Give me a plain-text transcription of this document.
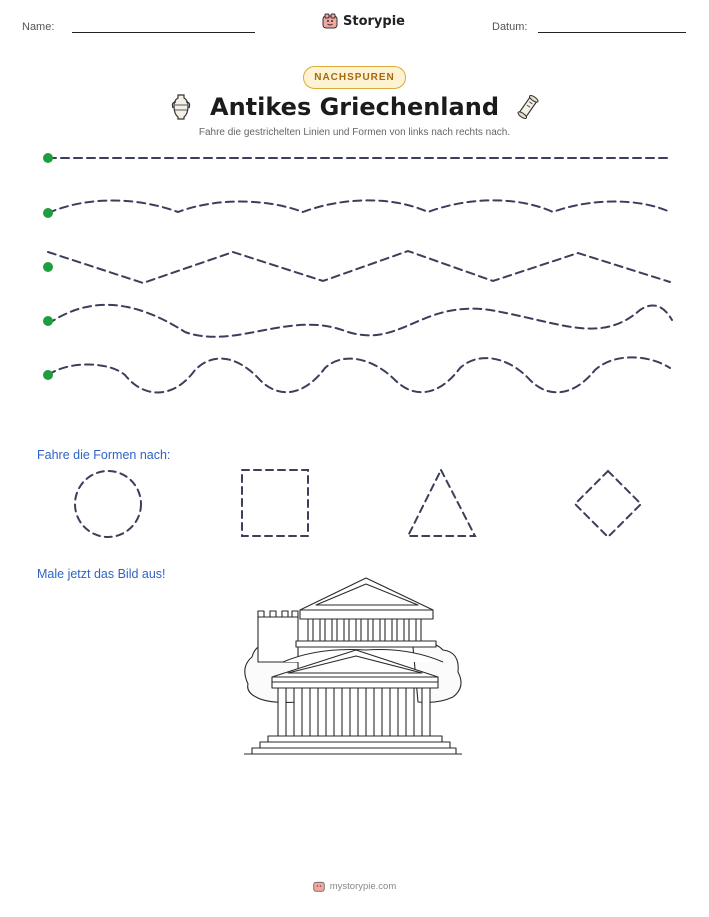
Name:	Storypie	Datum:
NACHSPUREN
Antikes Griechenland
Fahre die gestrichelten Linien und Formen von links nach rechts nach.
Fahre die Formen nach:
Male jetzt das Bild aus!
mystorypie.com
